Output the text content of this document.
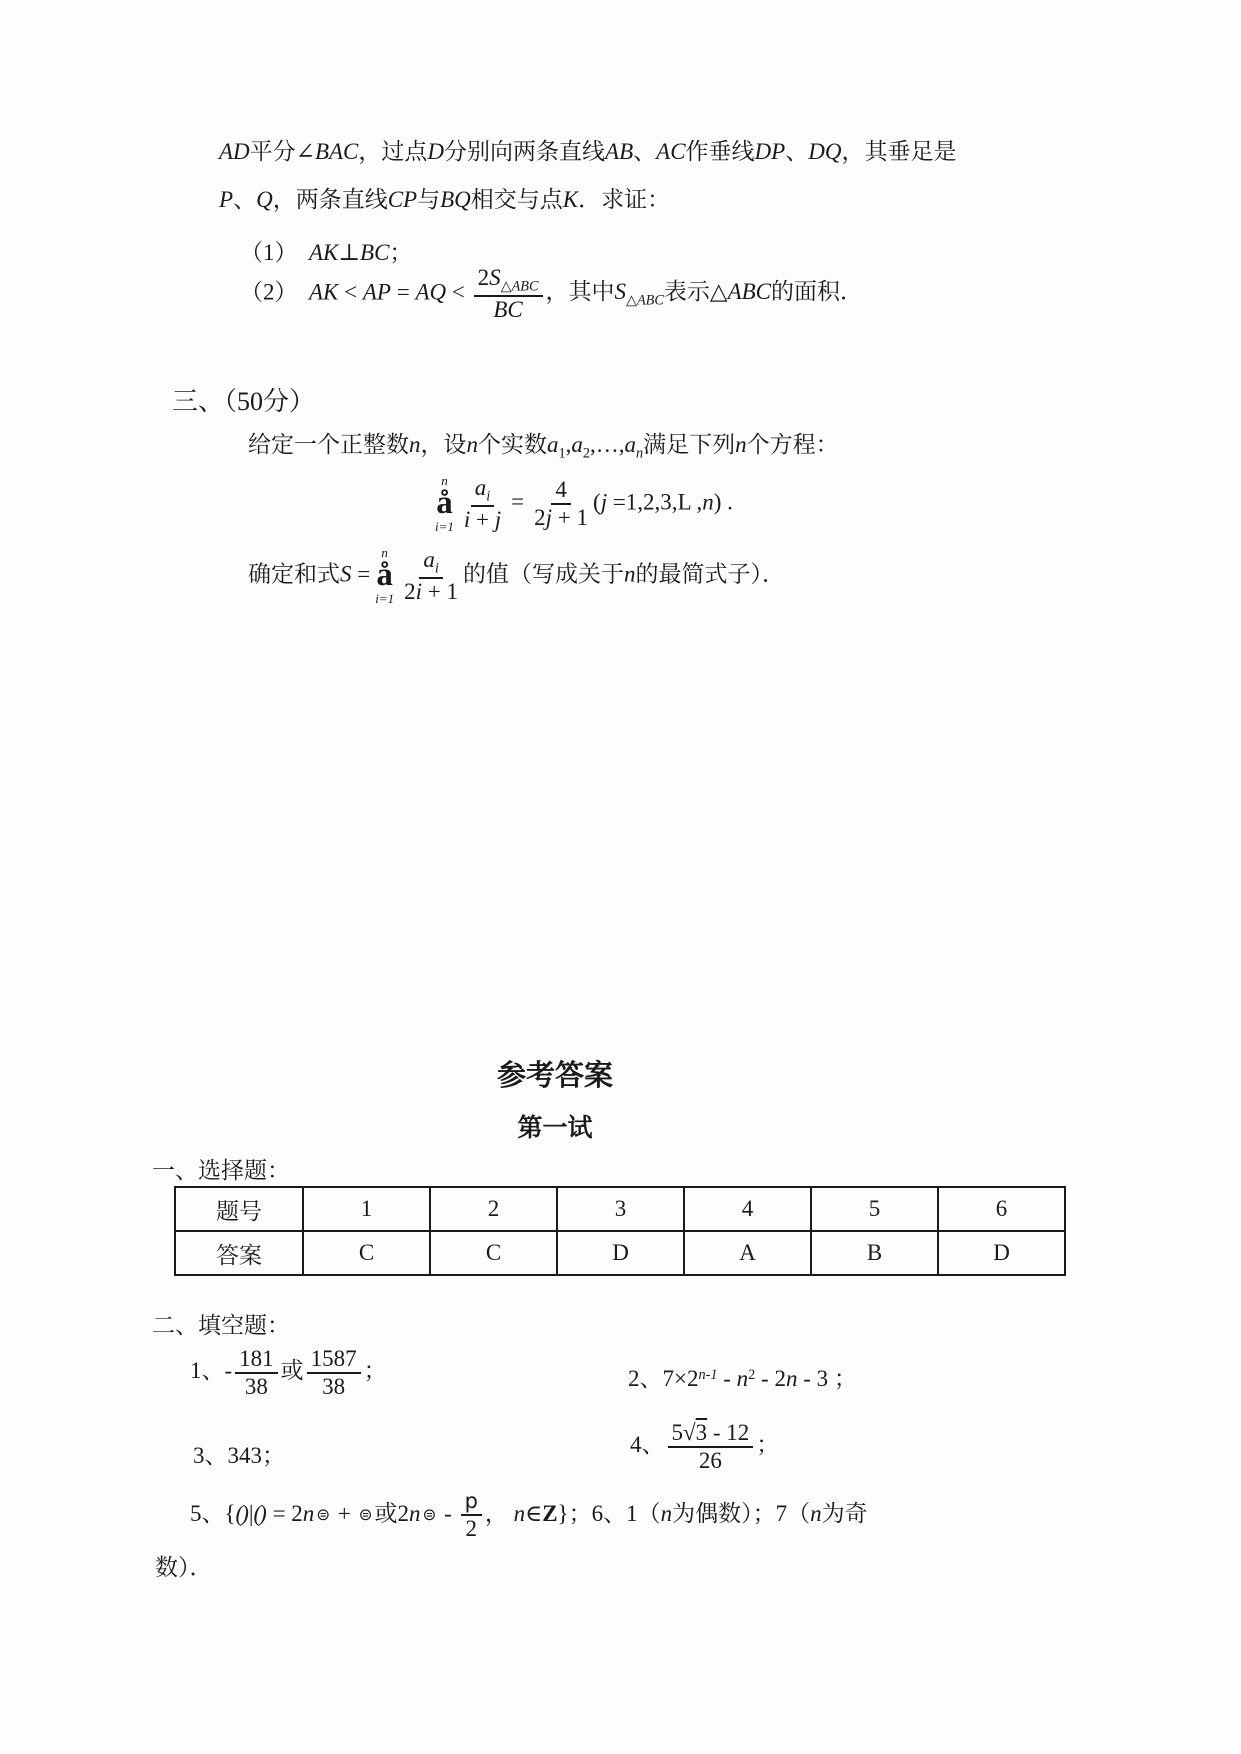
AD平分∠BAC，过点D分别向两条直线AB、AC作垂线DP、DQ，其垂足是
P、Q，两条直线CP与BQ相交与点K．求证：
（1）　AK⊥BC；
（2）　AK < AP = AQ < $\frac{2S_{\triangle ABC}}{BC}$ ，其中$S_{\triangle ABC}$表示△ABC的面积．
三、（50分）
给定一个正整数n，设n个实数$a_1,a_2,\dots,a_n$满足下列n个方程：
n
å
$i=1 \frac{a_i}{i + j} = \frac{4}{2j + 1} (j =1,2,3,L$ ,n) .
确定和式S =
n
å
$i=1 \frac{a_i}{2i + 1}$ 的值（写成关于n的最简式子）．
参考答案
第一试
一、选择题：
题号	1	2	3	4	5	6
答案	C	C	D	A	B	D
二、填空题：
1、- $\frac{181}{38}$ 或 $\frac{1587}{38}$ ；	2、$7\times 2^{n-1} - n^2 - 2n - 3$ ；
3、343；	4、 $\frac{5√3 - 12}{26}$ ；
5、{()|() = 2n ⊜ + ⊜或2n ⊜ - $\frac{p}{2}$ ， n∈Z}；6、1（n为偶数）；7（n为奇
数）．
